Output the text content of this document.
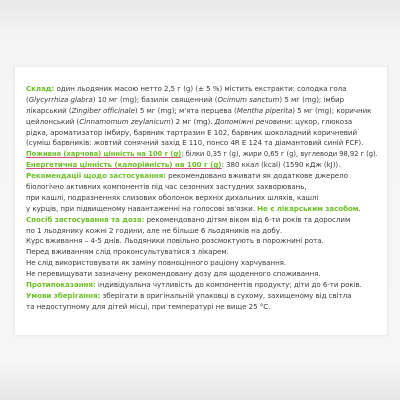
Склад: один льодяник масою нетто 2,5 г (g) (± 5 %) містить екстракти: солодка гола
(Glycyrrhiza glabra) 10 мг (mg); базилік священний (Ocimum sanctum) 5 мг (mg); імбир
лікарський (Zingiber officinale) 5 мг (mg); м'ята перцева (Mentha piperita) 5 мг (mg); коричник
цейлонський (Cinnamomum zeylanicum) 2 мг (mg). Допоміжні речовини: цукор, глюкоза
рідка, ароматизатор імбиру, барвник тартразин Е 102, барвник шоколадний коричневий
(суміш барвників: жовтий сонячний захід Е 110, понсо 4R E 124 та діамантовий синій FCF).
Поживна (харчова) цінність на 100 г (g): білки 0,35 г (g), жири 0,65 г (g), вуглеводи 98,92 г (g).
Енергетична цінність (калорійність) на 100 г (g): 380 ккал (kcal) (1590 кДж (kJ)).
Рекомендації щодо застосування: рекомендовано вживати як додаткове джерело
біологічно активних компонентів під час сезонних застудних захворювань,
при кашлі, подразненнях слизових оболонок верхніх дихальних шляхів, кашлі
у курців, при підвищеному навантаженні на голосові зв'язки. Не є лікарським засобом.
Спосіб застосування та доза: рекомендовано дітям віком від 6-ти років та дорослим
по 1 льодянику кожні 2 години, але не більше 6 льодяників на добу.
Курс вживання – 4-5 днів. Льодяники повільно розсмоктують в порожнині рота.
Перед вживанням слід проконсультуватися з лікарем.
Не слід використовувати як заміну повноцінного раціону харчування.
Не перевищувати зазначену рекомендовану дозу для щоденного споживання.
Протипоказання: індивідуальна чутливість до компонентів продукту; діти до 6-ти років.
Умови зберігання: зберігати в оригінальній упаковці в сухому, захищеному від світла
та недоступному для дітей місці, при температурі не вище 25 °С.
